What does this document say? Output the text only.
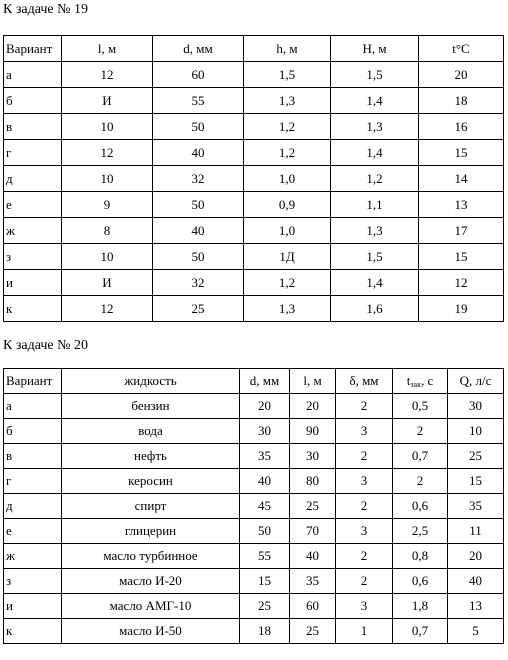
К задаче № 19

Вариант	l, м	d, мм	h, м	H, м	t°C
а	12	60	1,5	1,5	20
б	И	55	1,3	1,4	18
в	10	50	1,2	1,3	16
г	12	40	1,2	1,4	15
д	10	32	1,0	1,2	14
е	9	50	0,9	1,1	13
ж	8	40	1,0	1,3	17
з	10	50	1Д	1,5	15
и	И	32	1,2	1,4	12
к	12	25	1,3	1,6	19

К задаче № 20

Вариант	жидкость	d, мм	l, м	δ, мм	$t_{зак}$, с	Q, л/с
а	бензин	20	20	2	0,5	30
б	вода	30	90	3	2	10
в	нефть	35	30	2	0,7	25
г	керосин	40	80	3	2	15
д	спирт	45	25	2	0,6	35
е	глицерин	50	70	3	2,5	11
ж	масло турбинное	55	40	2	0,8	20
з	масло И-20	15	35	2	0,6	40
и	масло АМГ-10	25	60	3	1,8	13
к	масло И-50	18	25	1	0,7	5
